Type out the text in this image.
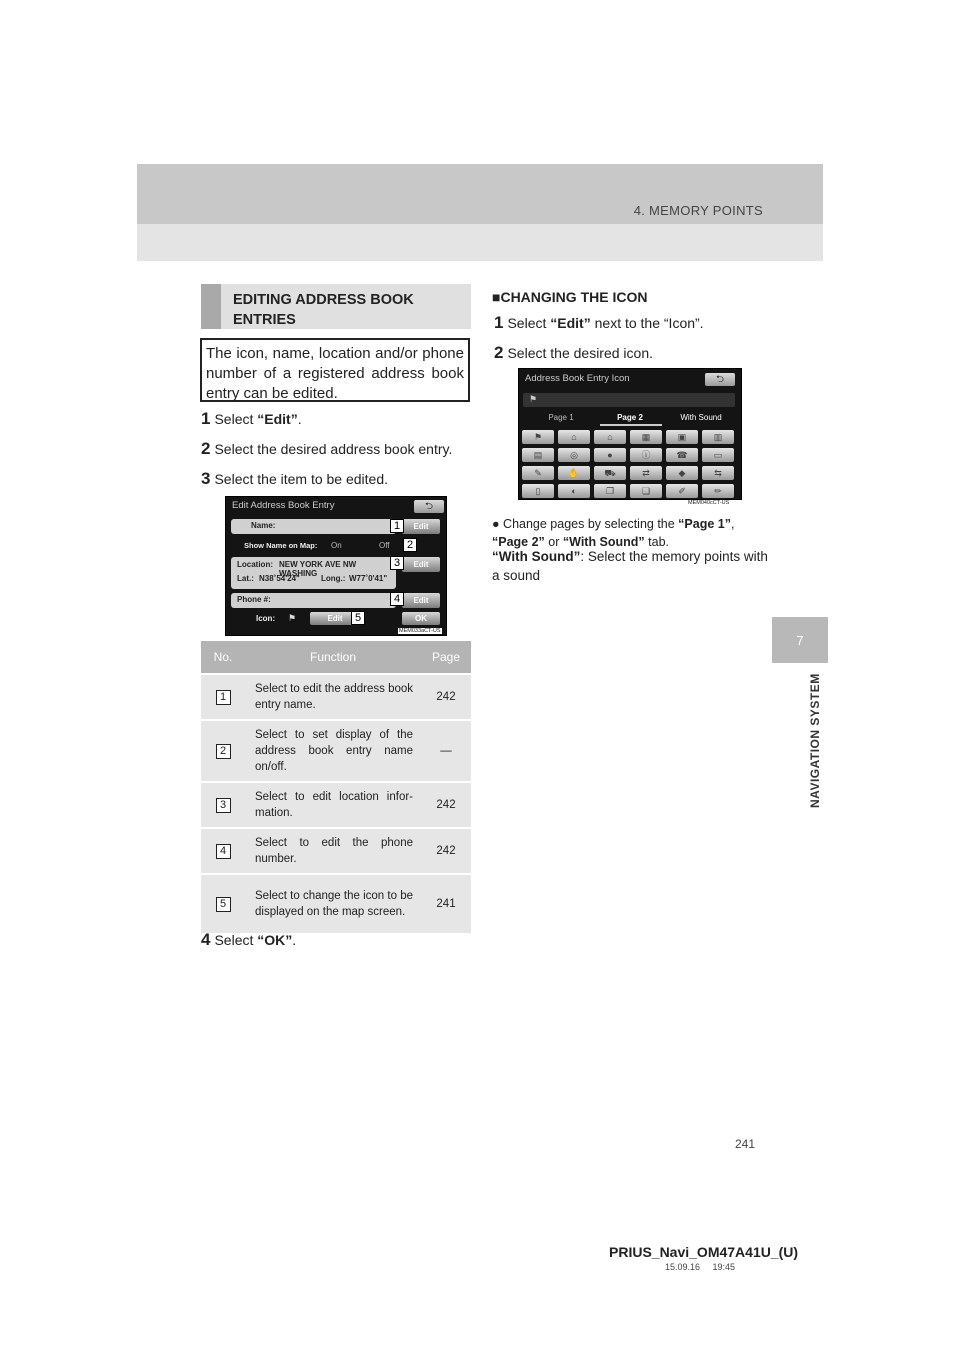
4. MEMORY POINTS
7
NAVIGATION SYSTEM
EDITING ADDRESS BOOK
ENTRIES
The icon, name, location and/or phone number of a registered address book entry can be edited.
1 Select “Edit”.
2 Select the desired address book entry.
3 Select the item to be edited.
Edit Address Book Entry	⮌
Name:	Edit
Show Name on Map: On	Off
Location: NEW YORK AVE NW WASHING
Lat.: N38˚54'24"	Long.: W77˚0'41"
Edit
Phone #:	Edit
Icon: ⚑	Edit	OK
1
2
3
4
5
MEM033aCT-US
No.	Function	Page
1	Select to edit the address book entry name.	242
2	Select to set display of the address book entry name on/off.	—
3	Select to edit location infor-mation.	242
4	Select to edit the phone number.	242
5	Select to change the icon to be displayed on the map screen.	241
4 Select “OK”.
■CHANGING THE ICON
1 Select “Edit” next to the “Icon”.
2 Select the desired icon.
Address Book Entry Icon	⮌
⚑
Page 1	Page 2	With Sound
⚑	⌂	⌂	▦	▣	▥
▤	◎	●	ⓘ	☎	▭
✎	✋	⛟	⇄	◆	⇆
▯	◐	❐	❏	✐	✏
MEM040cCT-US
● Change pages by selecting the “Page 1”, “Page 2” or “With Sound” tab.
“With Sound”: Select the memory points with a sound
241
PRIUS_Navi_OM47A41U_(U)
15.09.16     19:45
